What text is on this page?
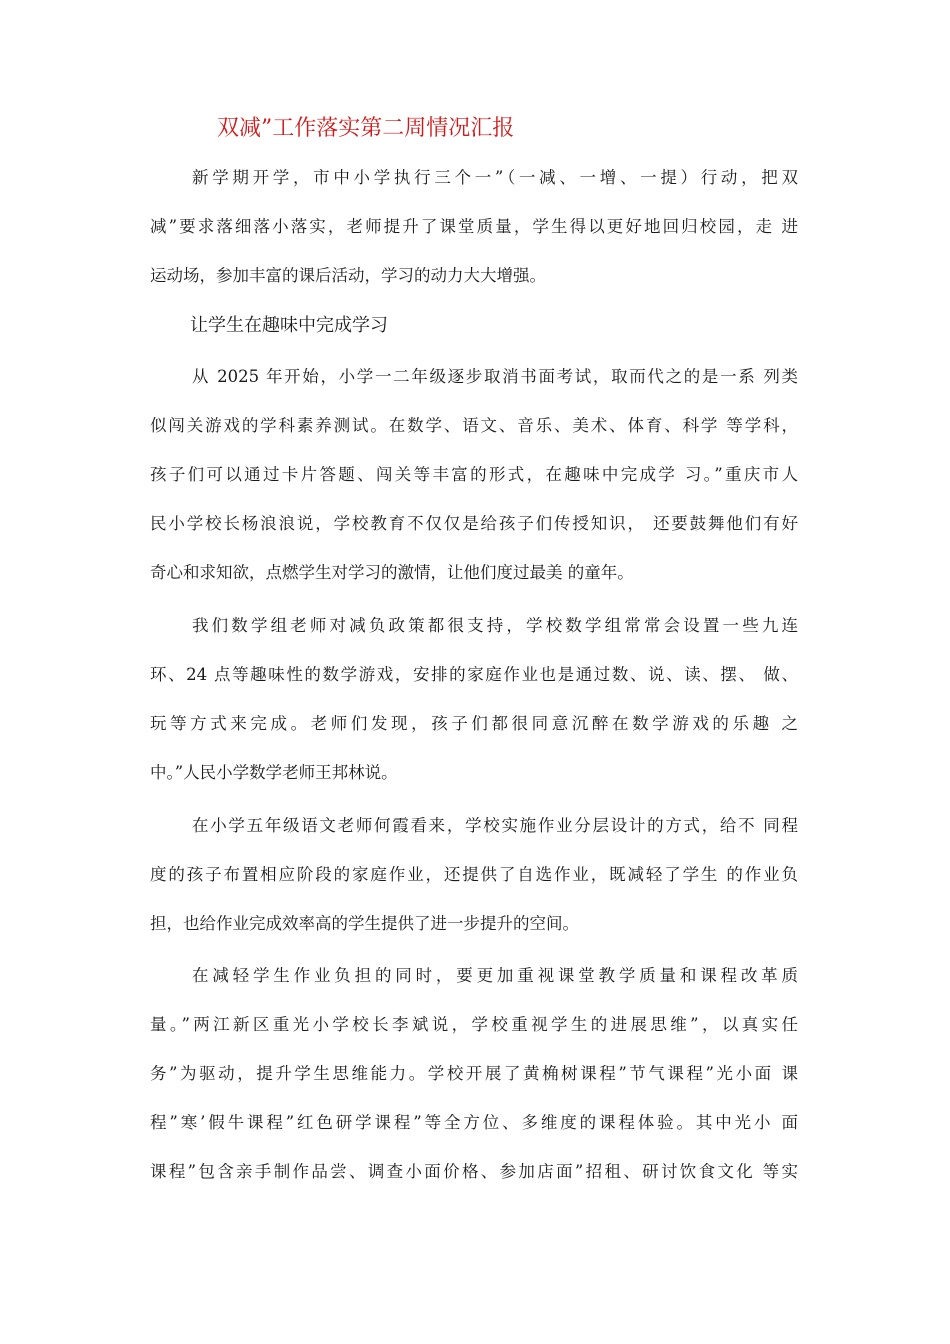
双减”工作落实第二周情况汇报
新学期开学，市中小学执行三个一”（一减、一增、一提）行动，把双
减”要求落细落小落实，老师提升了课堂质量，学生得以更好地回归校园，走 进
运动场，参加丰富的课后活动，学习的动力大大增强。
让学生在趣味中完成学习
从 2025 年开始，小学一二年级逐步取消书面考试，取而代之的是一系 列类
似闯关游戏的学科素养测试。在数学、语文、音乐、美术、体育、科学 等学科，
孩子们可以通过卡片答题、闯关等丰富的形式，在趣味中完成学 习。”重庆市人
民小学校长杨浪浪说，学校教育不仅仅是给孩子们传授知识， 还要鼓舞他们有好
奇心和求知欲，点燃学生对学习的激情，让他们度过最美 的童年。
我们数学组老师对减负政策都很支持，学校数学组常常会设置一些九连
环、24 点等趣味性的数学游戏，安排的家庭作业也是通过数、说、读、摆、 做、
玩等方式来完成。老师们发现，孩子们都很同意沉醉在数学游戏的乐趣 之
中。”人民小学数学老师王邦林说。
在小学五年级语文老师何霞看来，学校实施作业分层设计的方式，给不 同程
度的孩子布置相应阶段的家庭作业，还提供了自选作业，既减轻了学生 的作业负
担，也给作业完成效率高的学生提供了进一步提升的空间。
在减轻学生作业负担的同时，要更加重视课堂教学质量和课程改革质
量。”两江新区重光小学校长李斌说，学校重视学生的进展思维”，以真实任
务”为驱动，提升学生思维能力。学校开展了黄桷树课程”节气课程”光小面 课
程”寒’假牛课程”红色研学课程”等全方位、多维度的课程体验。其中光小 面
课程”包含亲手制作品尝、调查小面价格、参加店面”招租、研讨饮食文化 等实
